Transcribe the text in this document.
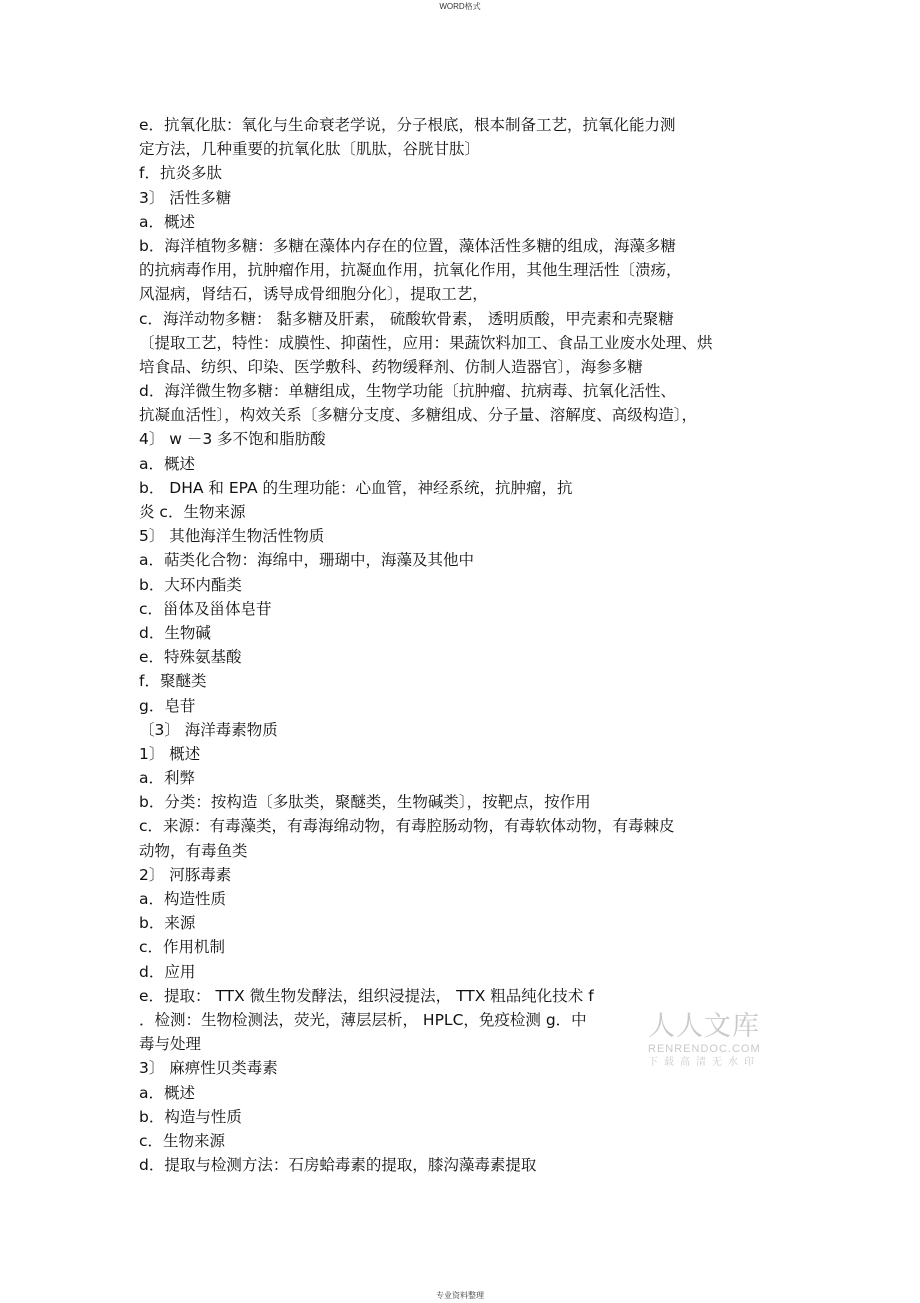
WORD格式
e．抗氧化肽：氧化与生命衰老学说，分子根底，根本制备工艺，抗氧化能力测
定方法，几种重要的抗氧化肽〔肌肽，谷胱甘肽〕
f．抗炎多肽
3〕 活性多糖
a．概述
b．海洋植物多糖：多糖在藻体内存在的位置，藻体活性多糖的组成，海藻多糖
的抗病毒作用，抗肿瘤作用，抗凝血作用，抗氧化作用，其他生理活性〔溃疡，
风湿病，肾结石，诱导成骨细胞分化〕，提取工艺，
c．海洋动物多糖： 黏多糖及肝素， 硫酸软骨素， 透明质酸，甲壳素和壳聚糖
〔提取工艺，特性：成膜性、抑菌性，应用：果蔬饮料加工、食品工业废水处理、烘
培食品、纺织、印染、医学敷科、药物缓释剂、仿制人造器官〕，海参多糖
d．海洋微生物多糖：单糖组成，生物学功能〔抗肿瘤、抗病毒、抗氧化活性、
抗凝血活性〕，构效关系〔多糖分支度、多糖组成、分子量、溶解度、高级构造〕，
4〕 w －3 多不饱和脂肪酸
a．概述
b． DHA 和 EPA 的生理功能：心血管，神经系统，抗肿瘤，抗
炎 c．生物来源
5〕 其他海洋生物活性物质
a．萜类化合物：海绵中，珊瑚中，海藻及其他中
b．大环内酯类
c．甾体及甾体皂苷
d．生物碱
e．特殊氨基酸
f．聚醚类
g．皂苷
〔3〕 海洋毒素物质
1〕 概述
a．利弊
b．分类：按构造〔多肽类，聚醚类，生物碱类〕，按靶点，按作用
c．来源：有毒藻类，有毒海绵动物，有毒腔肠动物，有毒软体动物，有毒棘皮
动物，有毒鱼类
2〕 河豚毒素
a．构造性质
b．来源
c．作用机制
d．应用
e．提取： TTX 微生物发酵法，组织浸提法， TTX 粗品纯化技术 f
．检测：生物检测法，荧光，薄层层析， HPLC，免疫检测 g．中
毒与处理
3〕 麻痹性贝类毒素
a．概述
b．构造与性质
c．生物来源
d．提取与检测方法：石房蛤毒素的提取，膝沟藻毒素提取
人人文库
RENRENDOC.COM
下载高清无水印
专业资料整理
